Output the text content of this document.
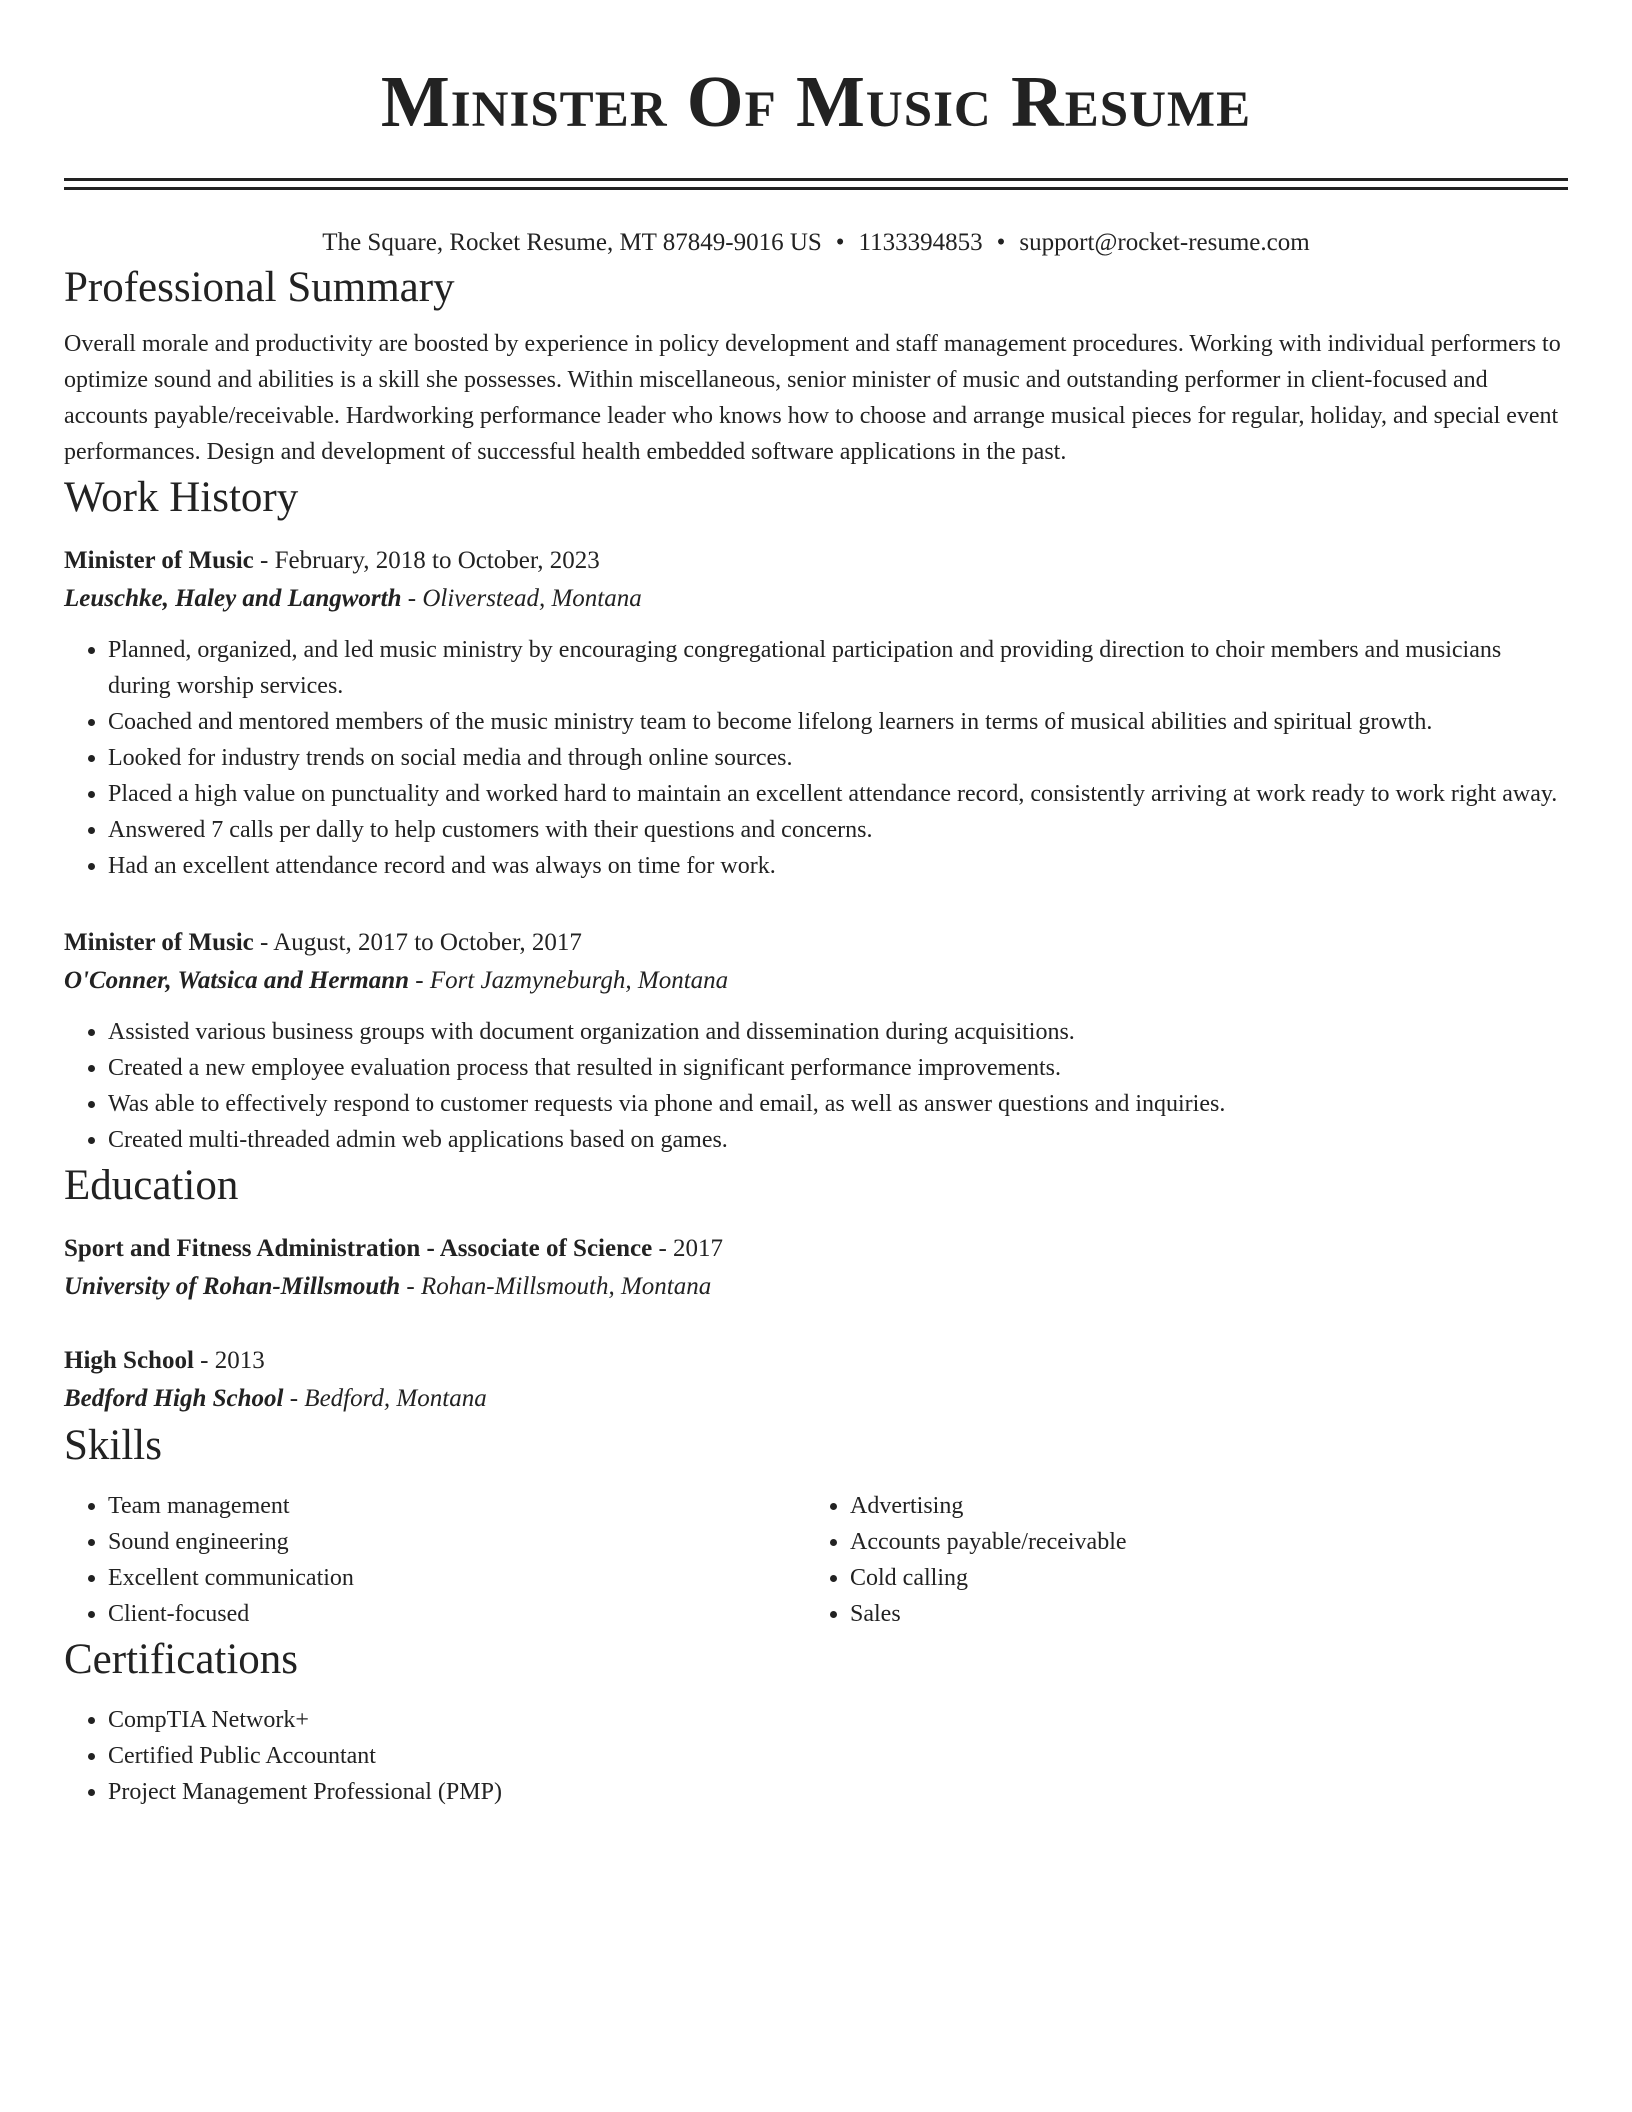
Minister Of Music Resume
The Square, Rocket Resume, MT 87849-9016 US • 1133394853 • support@rocket-resume.com
Professional Summary
Overall morale and productivity are boosted by experience in policy development and staff management procedures. Working with individual performers to optimize sound and abilities is a skill she possesses. Within miscellaneous, senior minister of music and outstanding performer in client-focused and accounts payable/receivable. Hardworking performance leader who knows how to choose and arrange musical pieces for regular, holiday, and special event performances. Design and development of successful health embedded software applications in the past.
Work History
Minister of Music - February, 2018 to October, 2023
Leuschke, Haley and Langworth - Oliverstead, Montana
• Planned, organized, and led music ministry by encouraging congregational participation and providing direction to choir members and musicians during worship services.
• Coached and mentored members of the music ministry team to become lifelong learners in terms of musical abilities and spiritual growth.
• Looked for industry trends on social media and through online sources.
• Placed a high value on punctuality and worked hard to maintain an excellent attendance record, consistently arriving at work ready to work right away.
• Answered 7 calls per dally to help customers with their questions and concerns.
• Had an excellent attendance record and was always on time for work.
Minister of Music - August, 2017 to October, 2017
O'Conner, Watsica and Hermann - Fort Jazmyneburgh, Montana
• Assisted various business groups with document organization and dissemination during acquisitions.
• Created a new employee evaluation process that resulted in significant performance improvements.
• Was able to effectively respond to customer requests via phone and email, as well as answer questions and inquiries.
• Created multi-threaded admin web applications based on games.
Education
Sport and Fitness Administration - Associate of Science - 2017
University of Rohan-Millsmouth - Rohan-Millsmouth, Montana
High School - 2013
Bedford High School - Bedford, Montana
Skills
• Team management
• Sound engineering
• Excellent communication
• Client-focused
• Advertising
• Accounts payable/receivable
• Cold calling
• Sales
Certifications
• CompTIA Network+
• Certified Public Accountant
• Project Management Professional (PMP)
